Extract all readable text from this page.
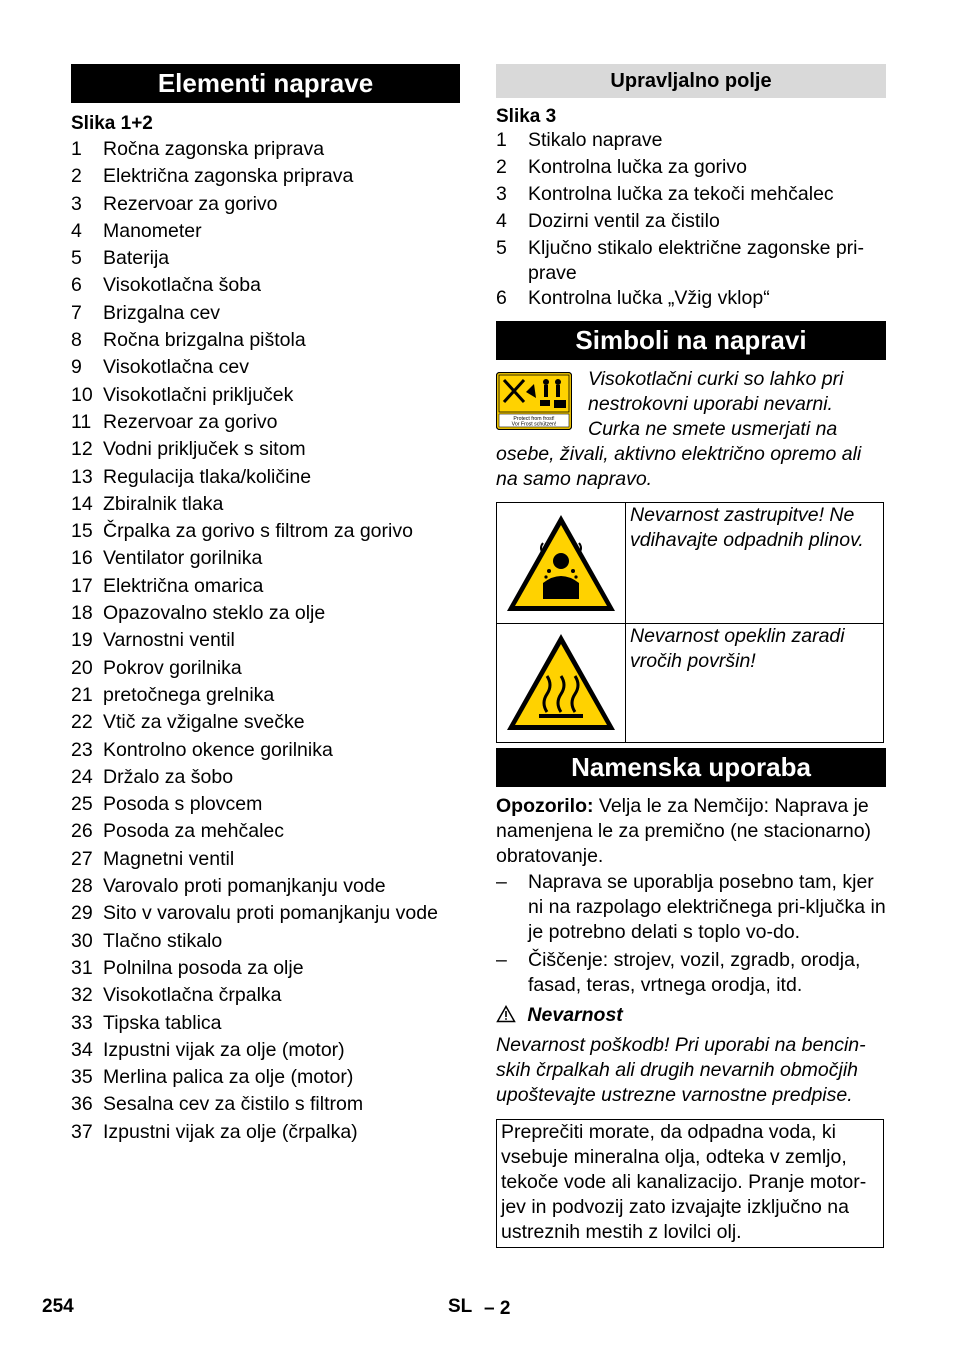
Elementi naprave
Slika 1+2
1	Ročna zagonska priprava
2	Električna zagonska priprava
3	Rezervoar za gorivo
4	Manometer
5	Baterija
6	Visokotlačna šoba
7	Brizgalna cev
8	Ročna brizgalna pištola
9	Visokotlačna cev
10 Visokotlačni priključek
11 Rezervoar za gorivo
12 Vodni priključek s sitom
13 Regulacija tlaka/količine
14 Zbiralnik tlaka
15 Črpalka za gorivo s filtrom za gorivo
16 Ventilator gorilnika
17 Električna omarica
18 Opazovalno steklo za olje
19 Varnostni ventil
20 Pokrov gorilnika
21 pretočnega grelnika
22 Vtič za vžigalne svečke
23 Kontrolno okence gorilnika
24 Držalo za šobo
25 Posoda s plovcem
26 Posoda za mehčalec
27 Magnetni ventil
28 Varovalo proti pomanjkanju vode
29 Sito v varovalu proti pomanjkanju vode
30 Tlačno stikalo
31 Polnilna posoda za olje
32 Visokotlačna črpalka
33 Tipska tablica
34 Izpustni vijak za olje (motor)
35 Merlina palica za olje (motor)
36 Sesalna cev za čistilo s filtrom
37 Izpustni vijak za olje (črpalka)
Upravljalno polje
Slika 3
1	Stikalo naprave
2	Kontrolna lučka za gorivo
3	Kontrolna lučka za tekoči mehčalec
4	Dozirni ventil za čistilo
5	Ključno stikalo električne zagonske pri-
prave
6	Kontrolna lučka „Vžig vklop“
Simboli na napravi
Protect from frost!
Vor Frost schützen!
Visokotlačni curki so lahko pri nestrokovni uporabi nevarni. Curka ne smete usmerjati na osebe, živali, aktivno električno opremo ali na samo napravo.
	Nevarnost zastrupitve! Ne vdihavajte odpadnih plinov.
	Nevarnost opeklin zaradi vročih površin!
Namenska uporaba
Opozorilo: Velja le za Nemčijo: Naprava je namenjena le za premično (ne stacionarno) obratovanje.
–	Naprava se uporablja posebno tam, kjer ni na razpolago električnega pri-ključka in je potrebno delati s toplo vo-do.
–	Čiščenje: strojev, vozil, zgradb, orodja, fasad, teras, vrtnega orodja, itd.
Nevarnost
Nevarnost poškodb! Pri uporabi na bencin-skih črpalkah ali drugih nevarnih območjih upoštevajte ustrezne varnostne predpise.
Preprečiti morate, da odpadna voda, ki vsebuje mineralna olja, odteka v zemljo, tekoče vode ali kanalizacijo. Pranje motor-jev in podvozij zato izvajajte izključno na ustreznih mestih z lovilci olj.
254	SL – 2
